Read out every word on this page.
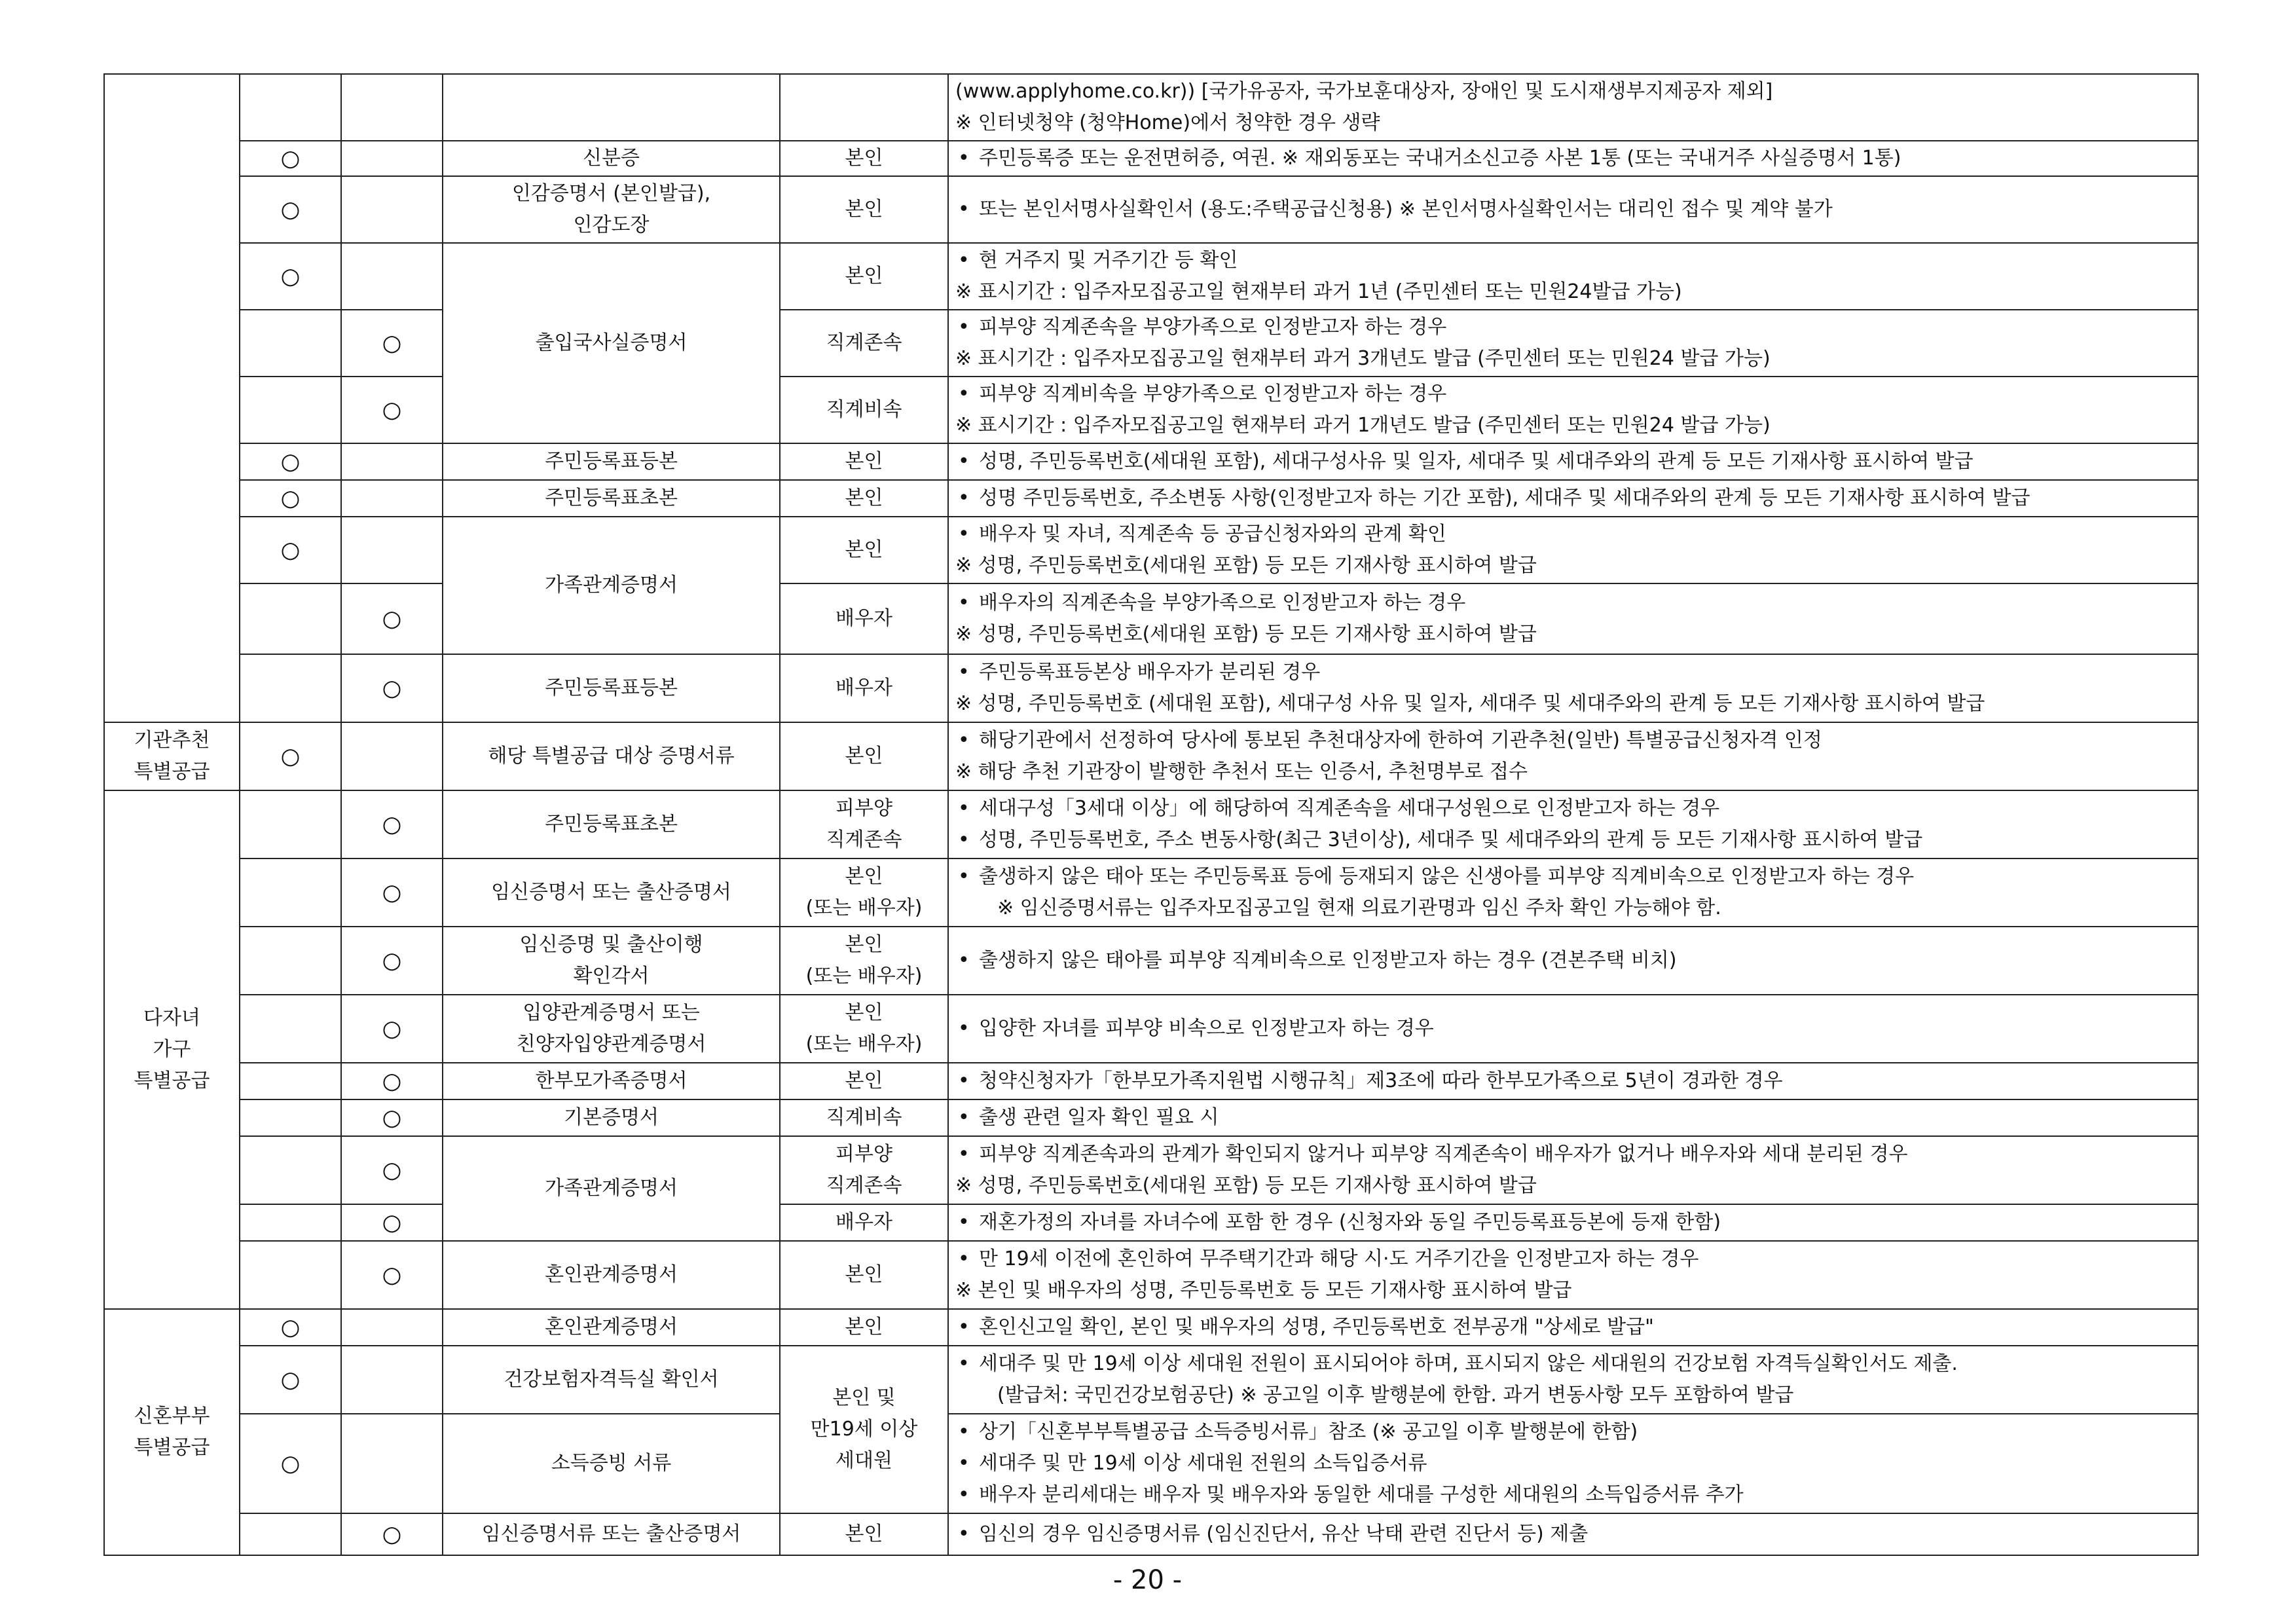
					(www.applyhome.co.kr)) [국가유공자, 국가보훈대상자, 장애인 및 도시재생부지제공자 제외]
※ 인터넷청약 (청약Home)에서 청약한 경우 생략

	○		신분증	본인	• 주민등록증 또는 운전면허증, 여권. ※ 재외동포는 국내거소신고증 사본 1통 (또는 국내거주 사실증명서 1통)

	○		인감증명서 (본인발급),
인감도장	본인	• 또는 본인서명사실확인서 (용도:주택공급신청용) ※ 본인서명사실확인서는 대리인 접수 및 계약 불가

	○		출입국사실증명서	본인	• 현 거주지 및 거주기간 등 확인
※ 표시기간 : 입주자모집공고일 현재부터 과거 1년 (주민센터 또는 민원24발급 가능)

		○		직계존속	• 피부양 직계존속을 부양가족으로 인정받고자 하는 경우
※ 표시기간 : 입주자모집공고일 현재부터 과거 3개년도 발급 (주민센터 또는 민원24 발급 가능)

		○		직계비속	• 피부양 직계비속을 부양가족으로 인정받고자 하는 경우
※ 표시기간 : 입주자모집공고일 현재부터 과거 1개년도 발급 (주민센터 또는 민원24 발급 가능)

	○		주민등록표등본	본인	• 성명, 주민등록번호(세대원 포함), 세대구성사유 및 일자, 세대주 및 세대주와의 관계 등 모든 기재사항 표시하여 발급

	○		주민등록표초본	본인	• 성명 주민등록번호, 주소변동 사항(인정받고자 하는 기간 포함), 세대주 및 세대주와의 관계 등 모든 기재사항 표시하여 발급

	○		가족관계증명서	본인	• 배우자 및 자녀, 직계존속 등 공급신청자와의 관계 확인
※ 성명, 주민등록번호(세대원 포함) 등 모든 기재사항 표시하여 발급

		○		배우자	• 배우자의 직계존속을 부양가족으로 인정받고자 하는 경우
※ 성명, 주민등록번호(세대원 포함) 등 모든 기재사항 표시하여 발급

		○	주민등록표등본	배우자	• 주민등록표등본상 배우자가 분리된 경우
※ 성명, 주민등록번호 (세대원 포함), 세대구성 사유 및 일자, 세대주 및 세대주와의 관계 등 모든 기재사항 표시하여 발급

기관추천
특별공급	○		해당 특별공급 대상 증명서류	본인	• 해당기관에서 선정하여 당사에 통보된 추천대상자에 한하여 기관추천(일반) 특별공급신청자격 인정
※ 해당 추천 기관장이 발행한 추천서 또는 인증서, 추천명부로 접수

다자녀
가구
특별공급		○	주민등록표초본	피부양
직계존속	• 세대구성「3세대 이상」에 해당하여 직계존속을 세대구성원으로 인정받고자 하는 경우
• 성명, 주민등록번호, 주소 변동사항(최근 3년이상), 세대주 및 세대주와의 관계 등 모든 기재사항 표시하여 발급

		○	임신증명서 또는 출산증명서	본인
(또는 배우자)	• 출생하지 않은 태아 또는 주민등록표 등에 등재되지 않은 신생아를 피부양 직계비속으로 인정받고자 하는 경우
※ 임신증명서류는 입주자모집공고일 현재 의료기관명과 임신 주차 확인 가능해야 함.

		○	임신증명 및 출산이행
확인각서	본인
(또는 배우자)	• 출생하지 않은 태아를 피부양 직계비속으로 인정받고자 하는 경우 (견본주택 비치)

		○	입양관계증명서 또는
친양자입양관계증명서	본인
(또는 배우자)	• 입양한 자녀를 피부양 비속으로 인정받고자 하는 경우

		○	한부모가족증명서	본인	• 청약신청자가「한부모가족지원법 시행규칙」제3조에 따라 한부모가족으로 5년이 경과한 경우

		○	기본증명서	직계비속	• 출생 관련 일자 확인 필요 시

		○	가족관계증명서	피부양
직계존속	• 피부양 직계존속과의 관계가 확인되지 않거나 피부양 직계존속이 배우자가 없거나 배우자와 세대 분리된 경우
※ 성명, 주민등록번호(세대원 포함) 등 모든 기재사항 표시하여 발급

		○		배우자	• 재혼가정의 자녀를 자녀수에 포함 한 경우 (신청자와 동일 주민등록표등본에 등재 한함)

		○	혼인관계증명서	본인	• 만 19세 이전에 혼인하여 무주택기간과 해당 시·도 거주기간을 인정받고자 하는 경우
※ 본인 및 배우자의 성명, 주민등록번호 등 모든 기재사항 표시하여 발급

신혼부부
특별공급	○		혼인관계증명서	본인	• 혼인신고일 확인, 본인 및 배우자의 성명, 주민등록번호 전부공개 "상세로 발급"

	○		건강보험자격득실 확인서	본인 및
만19세 이상
세대원	• 세대주 및 만 19세 이상 세대원 전원이 표시되어야 하며, 표시되지 않은 세대원의 건강보험 자격득실확인서도 제출.
(발급처: 국민건강보험공단) ※ 공고일 이후 발행분에 한함. 과거 변동사항 모두 포함하여 발급

	○		소득증빙 서류		• 상기「신혼부부특별공급 소득증빙서류」참조 (※ 공고일 이후 발행분에 한함)
• 세대주 및 만 19세 이상 세대원 전원의 소득입증서류
• 배우자 분리세대는 배우자 및 배우자와 동일한 세대를 구성한 세대원의 소득입증서류 추가

		○	임신증명서류 또는 출산증명서	본인	• 임신의 경우 임신증명서류 (임신진단서, 유산 낙태 관련 진단서 등) 제출
- 20 -
